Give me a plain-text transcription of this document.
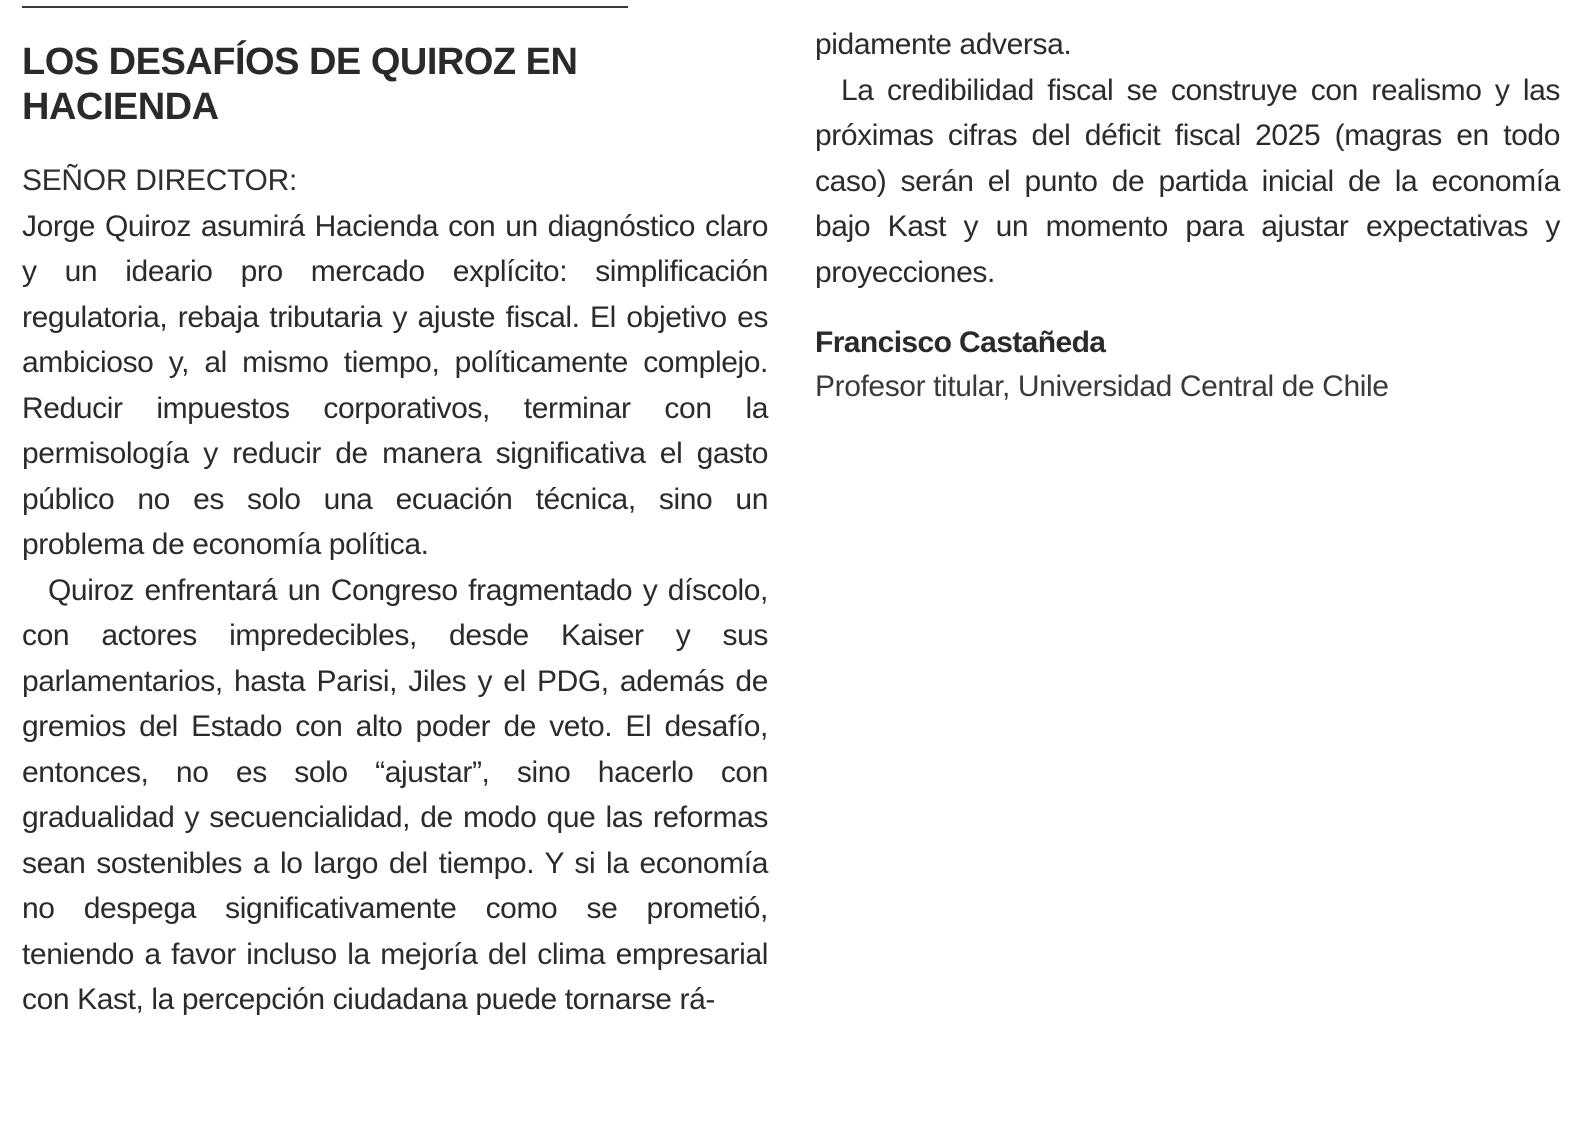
LOS DESAFÍOS DE QUIROZ EN HACIENDA

SEÑOR DIRECTOR:

Jorge Quiroz asumirá Hacienda con un diagnóstico claro y un ideario pro mercado explícito: simplificación regulatoria, rebaja tributaria y ajuste fiscal. El objetivo es ambicioso y, al mismo tiempo, políticamente complejo. Reducir impuestos corporativos, terminar con la permisología y reducir de manera significativa el gasto público no es solo una ecuación técnica, sino un problema de economía política.

Quiroz enfrentará un Congreso fragmentado y díscolo, con actores impredecibles, desde Kaiser y sus parlamentarios, hasta Parisi, Jiles y el PDG, además de gremios del Estado con alto poder de veto. El desafío, entonces, no es solo “ajustar”, sino hacerlo con gradualidad y secuencialidad, de modo que las reformas sean sostenibles a lo largo del tiempo. Y si la economía no despega significativamente como se prometió, teniendo a favor incluso la mejoría del clima empresarial con Kast, la percepción ciudadana puede tornarse rá-

pidamente adversa.

La credibilidad fiscal se construye con realismo y las próximas cifras del déficit fiscal 2025 (magras en todo caso) serán el punto de partida inicial de la economía bajo Kast y un momento para ajustar expectativas y proyecciones.

Francisco Castañeda

Profesor titular, Universidad Central de Chile
